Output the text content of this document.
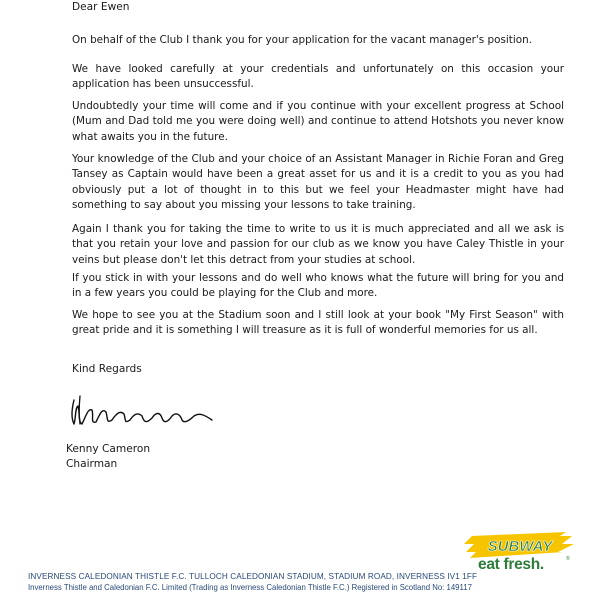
Dear Ewen

On behalf of the Club I thank you for your application for the vacant manager's position.

We have looked carefully at your credentials and unfortunately on this occasion your application has been unsuccessful.

Undoubtedly your time will come and if you continue with your excellent progress at School (Mum and Dad told me you were doing well) and continue to attend Hotshots you never know what awaits you in the future.

Your knowledge of the Club and your choice of an Assistant Manager in Richie Foran and Greg Tansey as Captain would have been a great asset for us and it is a credit to you as you had obviously put a lot of thought in to this but we feel your Headmaster might have had something to say about you missing your lessons to take training.

Again I thank you for taking the time to write to us it is much appreciated and all we ask is that you retain your love and passion for our club as we know you have Caley Thistle in your veins but please don't let this detract from your studies at school.

If you stick in with your lessons and do well who knows what the future will bring for you and in a few years you could be playing for the Club and more.

We hope to see you at the Stadium soon and I still look at your book "My First Season" with great pride and it is something I will treasure as it is full of wonderful memories for us all.

Kind Regards
Kenny Cameron
Chairman
SUBWAY
eat fresh.	®
INVERNESS CALEDONIAN THISTLE F.C. TULLOCH CALEDONIAN STADIUM, STADIUM ROAD, INVERNESS IV1 1FF
Inverness Thistle and Caledonian F.C. Limited (Trading as Inverness Caledonian Thistle F.C.) Registered in Scotland No: 149117
